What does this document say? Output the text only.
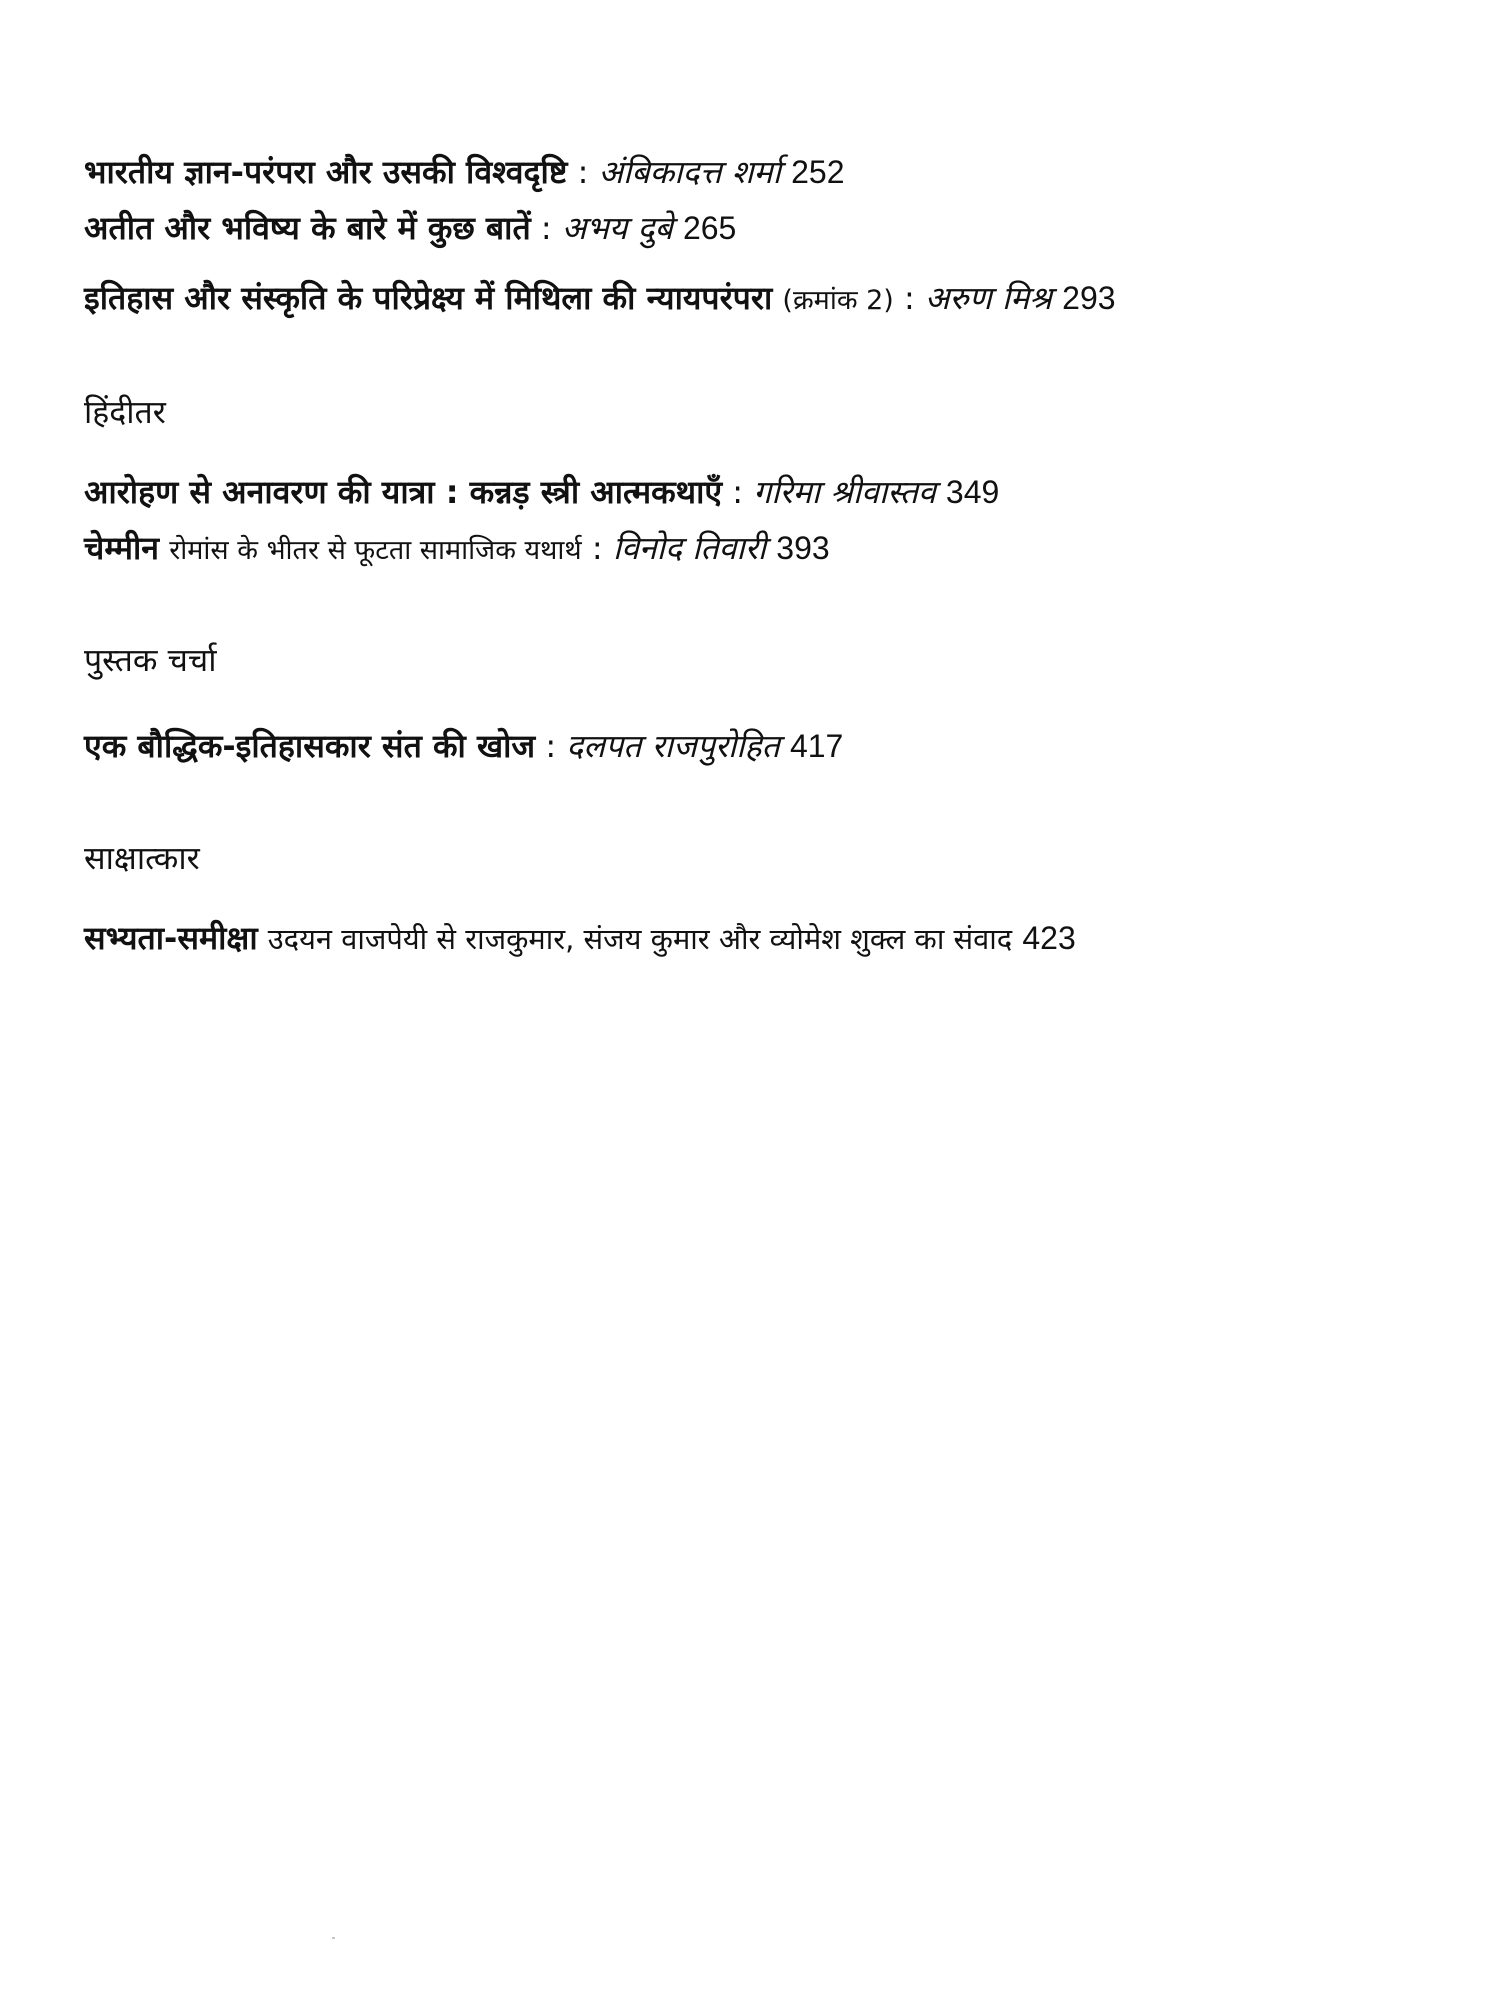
भारतीय ज्ञान-परंपरा और उसकी विश्वदृष्टि : अंबिकादत्त शर्मा 252
अतीत और भविष्य के बारे में कुछ बातें : अभय दुबे 265
इतिहास और संस्कृति के परिप्रेक्ष्य में मिथिला की न्यायपरंपरा (क्रमांक 2) : अरुण मिश्र 293
हिंदीतर
आरोहण से अनावरण की यात्रा : कन्नड़ स्त्री आत्मकथाएँ : गरिमा श्रीवास्तव 349
चेम्मीन रोमांस के भीतर से फूटता सामाजिक यथार्थ : विनोद तिवारी 393
पुस्तक चर्चा
एक बौद्धिक-इतिहासकार संत की खोज : दलपत राजपुरोहित 417
साक्षात्कार
सभ्यता-समीक्षा उदयन वाजपेयी से राजकुमार, संजय कुमार और व्योमेश शुक्ल का संवाद 423
